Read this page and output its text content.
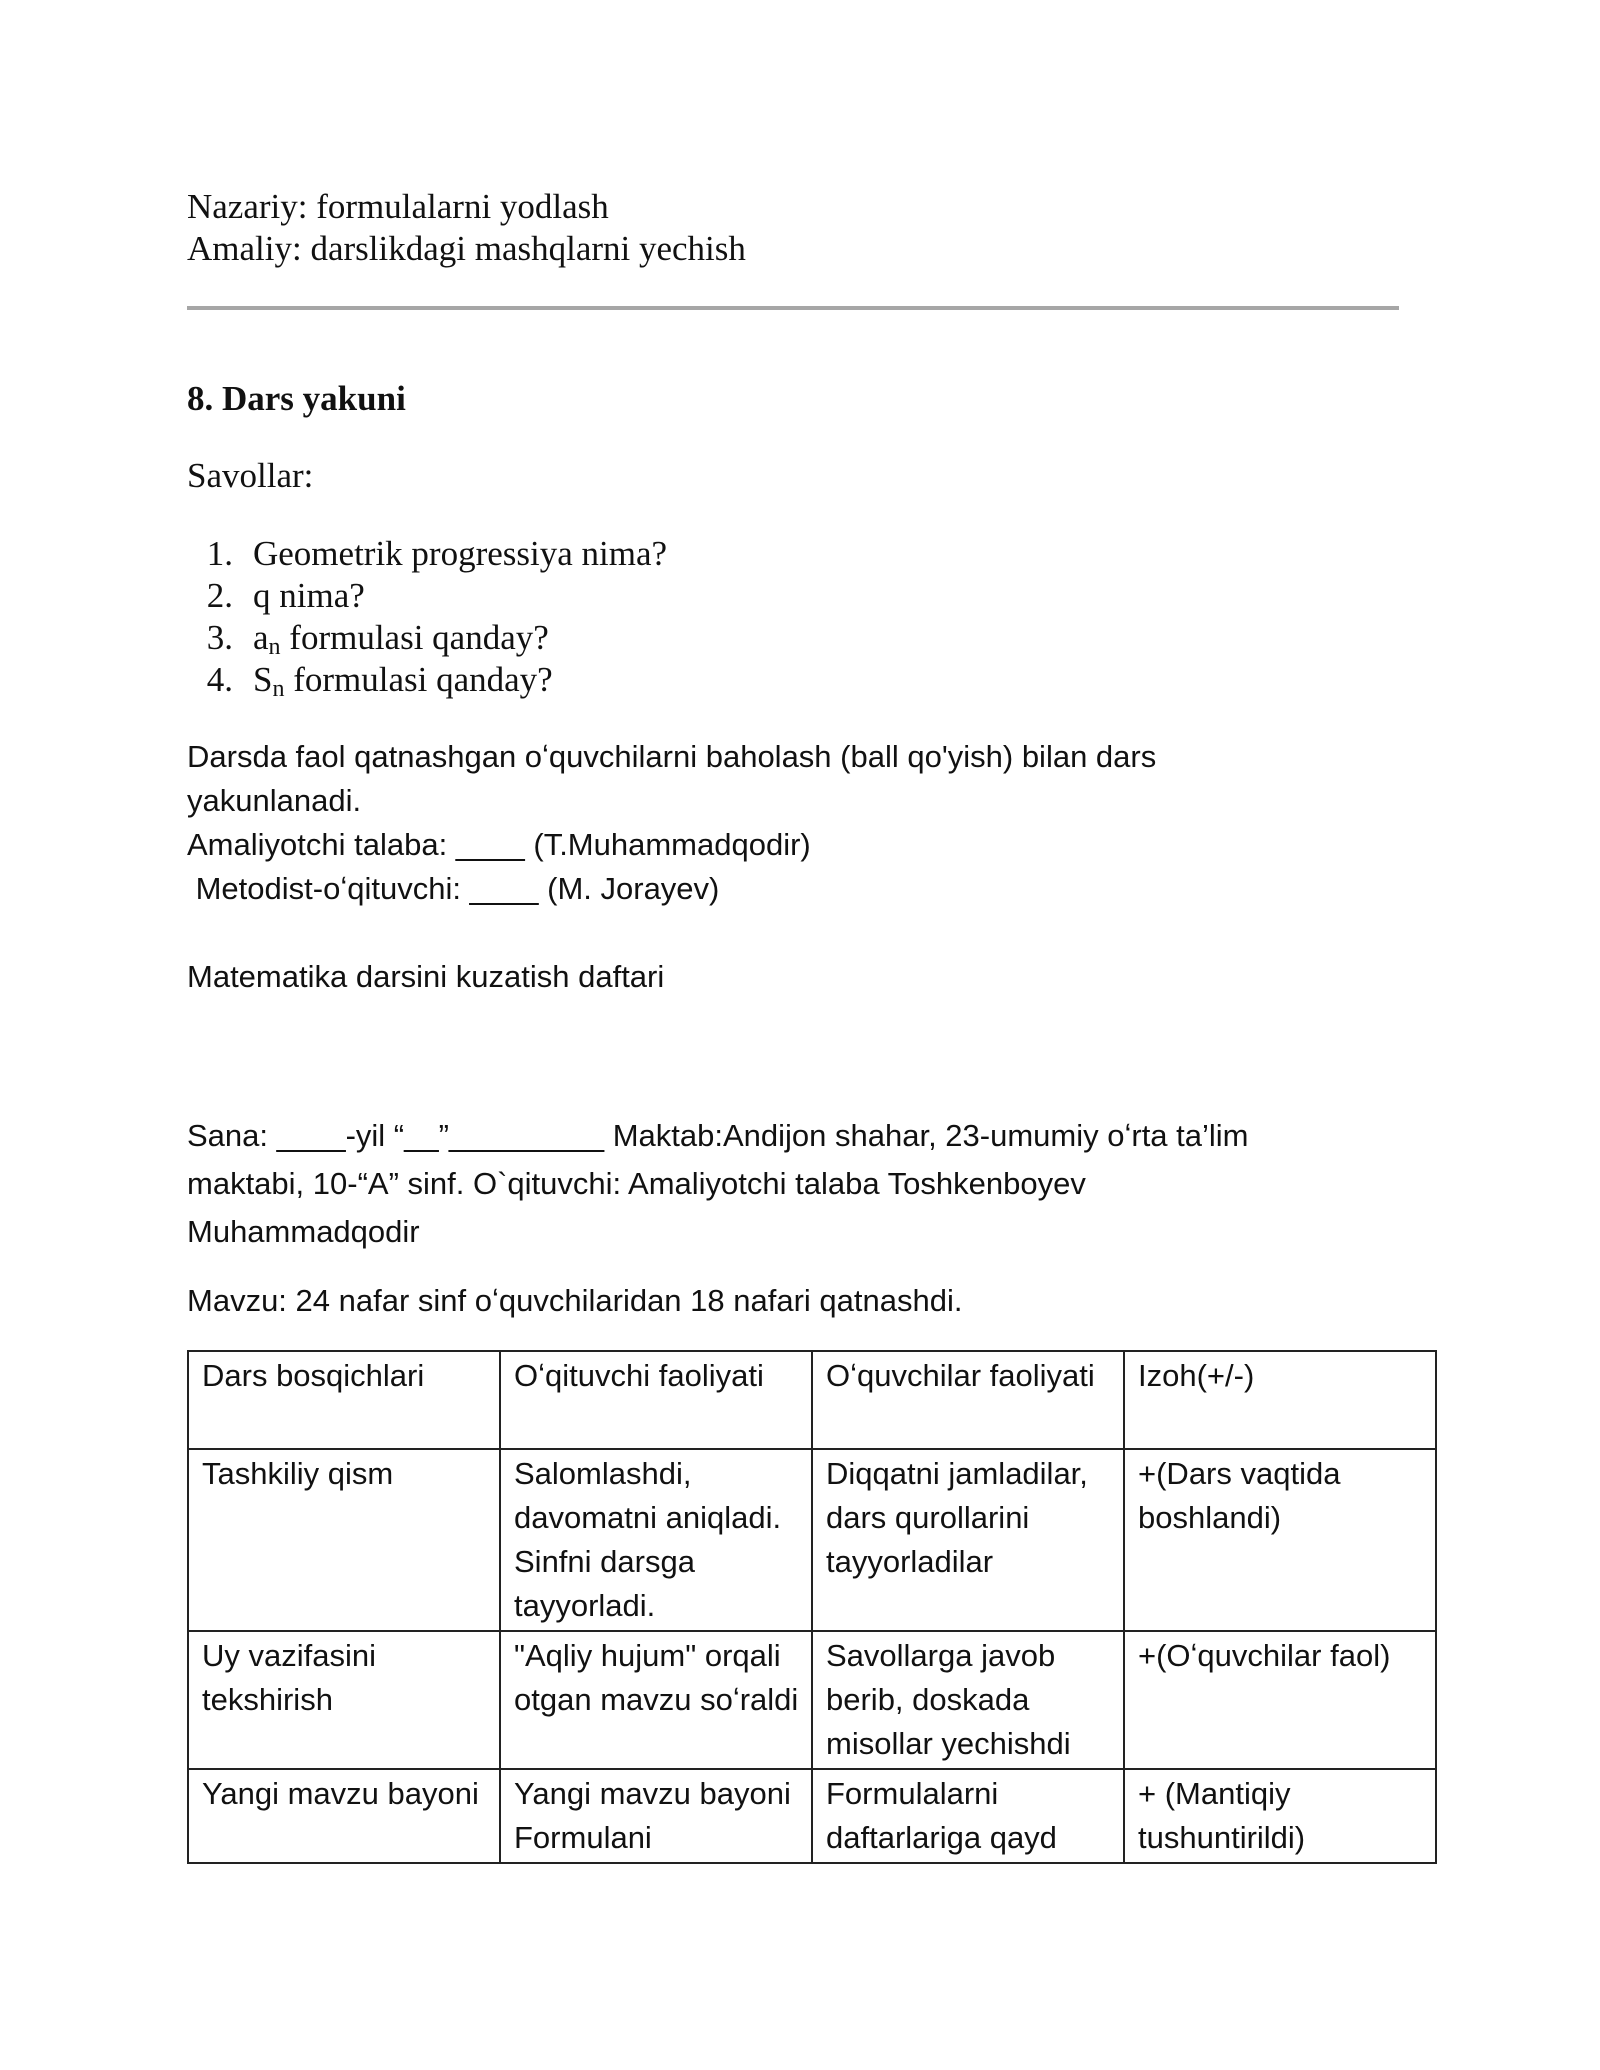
Nazariy: formulalarni yodlash
Amaliy: darslikdagi mashqlarni yechish
8. Dars yakuni
Savollar:
1. Geometrik progressiya nima?
2. q nima?
3. $a_n$ formulasi qanday?
4. $S_n$ formulasi qanday?
Darsda faol qatnashgan oʻquvchilarni baholash (ball qo'yish) bilan dars
yakunlanadi.
Amaliyotchi talaba: ____ (T.Muhammadqodir)
Metodist-oʻqituvchi: ____ (M. Jorayev)
Matematika darsini kuzatish daftari
Sana: ____-yil “__”_________ Maktab:Andijon shahar, 23-umumiy oʻrta ta’lim
maktabi, 10-“A” sinf. O`qituvchi: Amaliyotchi talaba Toshkenboyev
Muhammadqodir
Mavzu: 24 nafar sinf oʻquvchilaridan 18 nafari qatnashdi.
Dars bosqichlari	Oʻqituvchi faoliyati	Oʻquvchilar faoliyati	Izoh(+/-)
Tashkiliy qism	Salomlashdi, davomatni aniqladi. Sinfni darsga tayyorladi.	Diqqatni jamladilar, dars qurollarini tayyorladilar	+(Dars vaqtida boshlandi)
Uy vazifasini tekshirish	"Aqliy hujum" orqali otgan mavzu soʻraldi	Savollarga javob berib, doskada misollar yechishdi	+(Oʻquvchilar faol)
Yangi mavzu bayoni	Yangi mavzu bayoni Formulani	Formulalarni daftarlariga qayd	+ (Mantiqiy tushuntirildi)
